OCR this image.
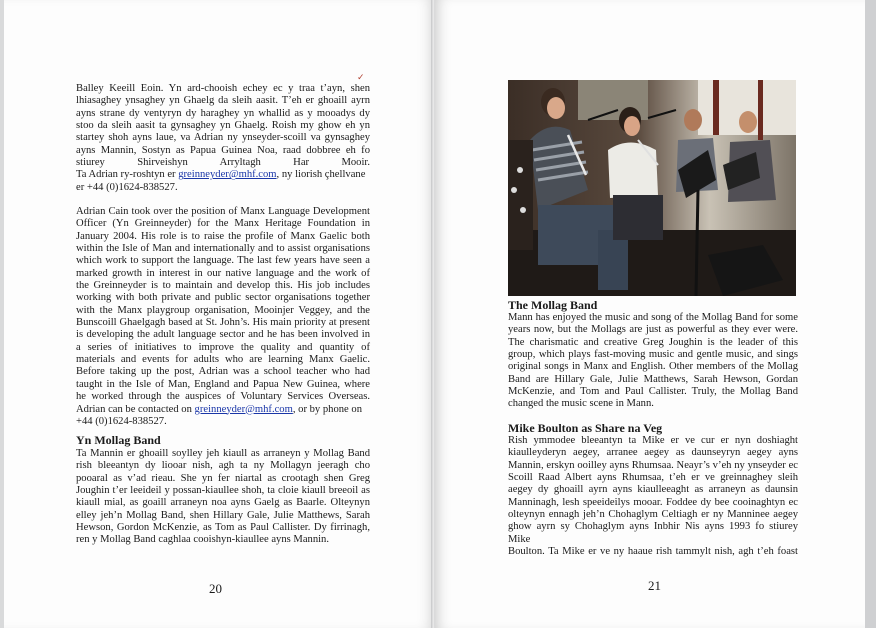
✓
Balley Keeill Eoin. Yn ard-chooish echey ec y traa t’ayn, shen
lhiasaghey ynsaghey yn Ghaelg da sleih aasit. T’eh er ghoaill ayrn
ayns strane dy ventyryn dy haraghey yn whallid as y mooadys dy
stoo da sleih aasit ta gynsaghey yn Ghaelg. Roish my ghow eh yn
startey shoh ayns laue, va Adrian ny ynseyder-scoill va gynsaghey
ayns Mannin, Sostyn as Papua Guinea Noa, raad dobbree eh fo
stiurey Shirveishyn Arryltagh Har Mooir.
Ta Adrian ry-roshtyn er greinneyder@mhf.com, ny liorish çhellvane
er +44 (0)1624-838527.
Adrian Cain took over the position of Manx Language Development
Officer (Yn Greinneyder) for the Manx Heritage Foundation in
January 2004. His role is to raise the profile of Manx Gaelic both
within the Isle of Man and internationally and to assist organisations
which work to support the language. The last few years have seen a
marked growth in interest in our native language and the work of
the Greinneyder is to maintain and develop this. His job includes
working with both private and public sector organisations together
with the Manx playgroup organisation, Mooinjer Veggey, and the
Bunscoill Ghaelgagh based at St. John’s. His main priority at present
is developing the adult language sector and he has been involved in
a series of initiatives to improve the quality and quantity of
materials and events for adults who are learning Manx Gaelic.
Before taking up the post, Adrian was a school teacher who had
taught in the Isle of Man, England and Papua New Guinea, where
he worked through the auspices of Voluntary Services Overseas.
Adrian can be contacted on greinneyder@mhf.com, or by phone on
+44 (0)1624-838527.
Yn Mollag Band
Ta Mannin er ghoaill soylley jeh kiaull as arraneyn y Mollag Band
rish bleeantyn dy liooar nish, agh ta ny Mollagyn jeeragh cho
pooaral as v’ad rieau. She yn fer niartal as crootagh shen Greg
Joughin t’er leeideil y possan-kiaullee shoh, ta cloie kiaull breeoil as
kiaull mial, as goaill arraneyn noa ayns Gaelg as Baarle. Olteynyn
elley jeh’n Mollag Band, shen Hillary Gale, Julie Matthews, Sarah
Hewson, Gordon McKenzie, as Tom as Paul Callister. Dy firrinagh,
ren y Mollag Band caghlaa cooishyn-kiaullee ayns Mannin.
20
The Mollag Band
Mann has enjoyed the music and song of the Mollag Band for some
years now, but the Mollags are just as powerful as they ever were.
The charismatic and creative Greg Joughin is the leader of this
group, which plays fast-moving music and gentle music, and sings
original songs in Manx and English. Other members of the Mollag
Band are Hillary Gale, Julie Matthews, Sarah Hewson, Gordan
McKenzie, and Tom and Paul Callister. Truly, the Mollag Band
changed the music scene in Mann.
Mike Boulton as Share na Veg
Rish ymmodee bleeantyn ta Mike er ve cur er nyn doshiaght
kiaulleyderyn aegey, arranee aegey as daunseyryn aegey ayns
Mannin, erskyn ooilley ayns Rhumsaa. Neayr’s v’eh ny ynseyder ec
Scoill Raad Albert ayns Rhumsaa, t’eh er ve greinnaghey sleih
aegey dy ghoaill ayrn ayns kiaulleeaght as arraneyn as daunsin
Manninagh, lesh speeideilys mooar. Foddee dy bee cooinaghtyn ec
olteynyn ennagh jeh’n Chohaglym Celtiagh er ny Manninee aegey
ghow ayrn sy Chohaglym ayns Inbhir Nis ayns 1993 fo stiurey Mike
Boulton. Ta Mike er ve ny haaue rish tammylt nish, agh t’eh foast
21
